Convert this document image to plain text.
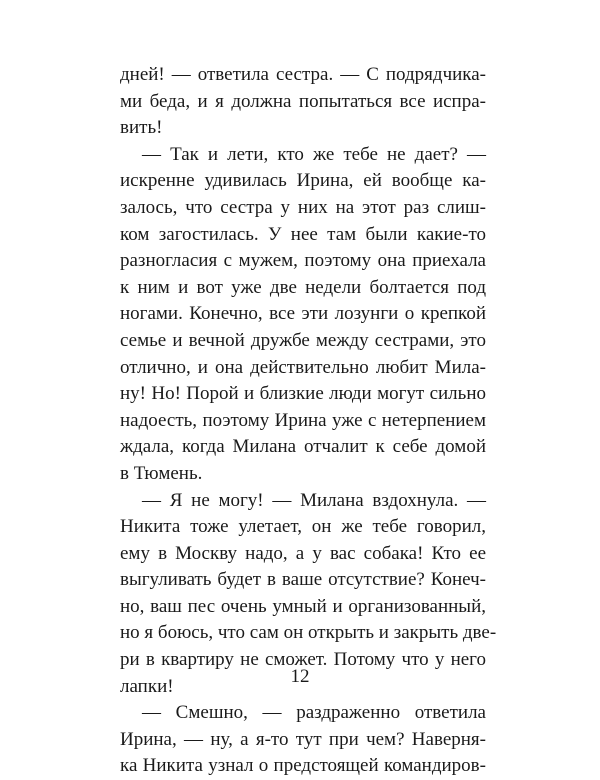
дней! — ответила сестра. — С подрядчика-
ми беда, и я должна попытаться все испра-
вить!
— Так и лети, кто же тебе не дает? —
искренне удивилась Ирина, ей вообще ка-
залось, что сестра у них на этот раз слиш-
ком загостилась. У нее там были какие-то
разногласия с мужем, поэтому она приехала
к ним и вот уже две недели болтается под
ногами. Конечно, все эти лозунги о крепкой
семье и вечной дружбе между сестрами, это
отлично, и она действительно любит Мила-
ну! Но! Порой и близкие люди могут сильно
надоесть, поэтому Ирина уже с нетерпением
ждала, когда Милана отчалит к себе домой
в Тюмень.
— Я не могу! — Милана вздохнула. —
Никита тоже улетает, он же тебе говорил,
ему в Москву надо, а у вас собака! Кто ее
выгуливать будет в ваше отсутствие? Конеч-
но, ваш пес очень умный и организованный,
но я боюсь, что сам он открыть и закрыть две-
ри в квартиру не сможет. Потому что у него
лапки!
— Смешно, — раздраженно ответила
Ирина, — ну, а я-то тут при чем? Наверня-
ка Никита узнал о предстоящей командиров-
12
